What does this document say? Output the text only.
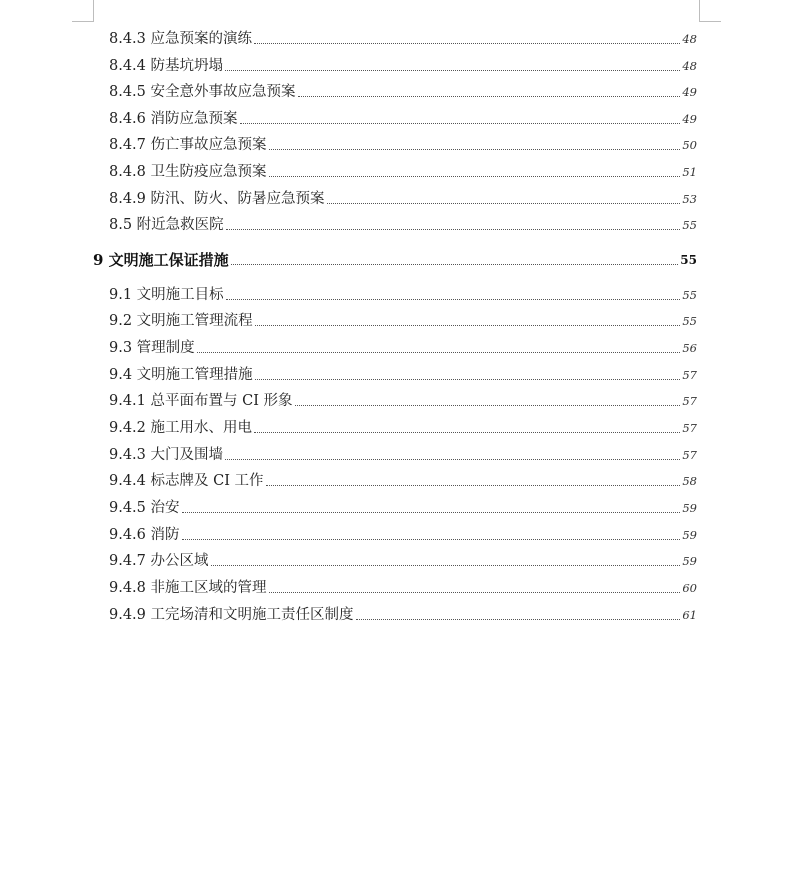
8.4.3 应急预案的演练	48
8.4.4 防基坑坍塌	48
8.4.5 安全意外事故应急预案	49
8.4.6 消防应急预案	49
8.4.7 伤亡事故应急预案	50
8.4.8 卫生防疫应急预案	51
8.4.9 防汛、防火、防暑应急预案	53
8.5 附近急救医院	55
9 文明施工保证措施	55
9.1 文明施工目标	55
9.2 文明施工管理流程	55
9.3 管理制度	56
9.4 文明施工管理措施	57
9.4.1 总平面布置与 CI 形象	57
9.4.2 施工用水、用电	57
9.4.3 大门及围墙	57
9.4.4 标志牌及 CI 工作	58
9.4.5 治安	59
9.4.6 消防	59
9.4.7 办公区域	59
9.4.8 非施工区域的管理	60
9.4.9 工完场清和文明施工责任区制度	61
